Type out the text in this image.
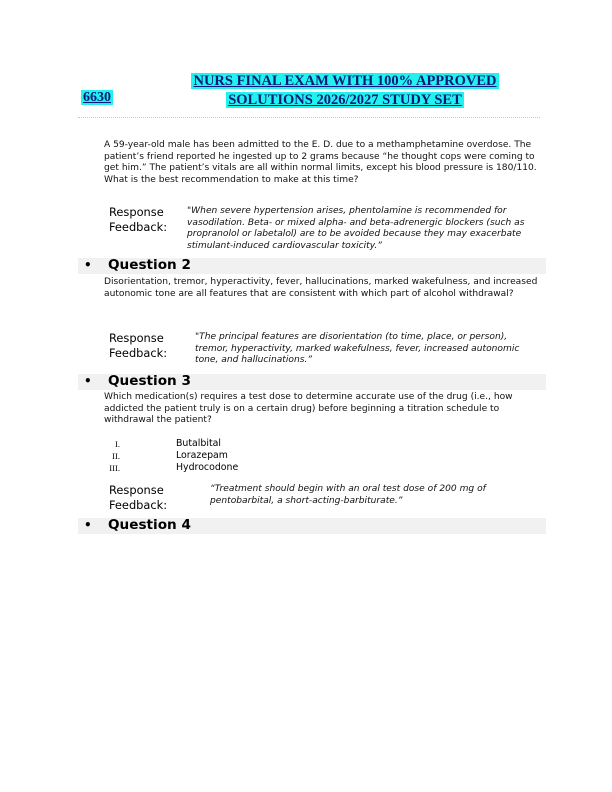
6630
NURS FINAL EXAM WITH 100% APPROVED
SOLUTIONS 2026/2027 STUDY SET
A 59-year-old male has been admitted to the E. D. due to a methamphetamine overdose. The patient’s friend reported he ingested up to 2 grams because “he thought cops were coming to get him.” The patient’s vitals are all within normal limits, except his blood pressure is 180/110. What is the best recommendation to make at this time?
Response
Feedback:
"When severe hypertension arises, phentolamine is recommended for vasodilation. Beta- or mixed alpha- and beta-adrenergic blockers (such as propranolol or labetalol) are to be avoided because they may exacerbate stimulant-induced cardiovascular toxicity.”
• Question 2
Disorientation, tremor, hyperactivity, fever, hallucinations, marked wakefulness, and increased autonomic tone are all features that are consistent with which part of alcohol withdrawal?
Response
Feedback:
"The principal features are disorientation (to time, place, or person), tremor, hyperactivity, marked wakefulness, fever, increased autonomic tone, and hallucinations.”
• Question 3
Which medication(s) requires a test dose to determine accurate use of the drug (i.e., how addicted the patient truly is on a certain drug) before beginning a titration schedule to withdrawal the patient?
I.	Butalbital
II.	Lorazepam
III.	Hydrocodone
Response
Feedback:
“Treatment should begin with an oral test dose of 200 mg of pentobarbital, a short-acting-barbiturate.”
• Question 4
